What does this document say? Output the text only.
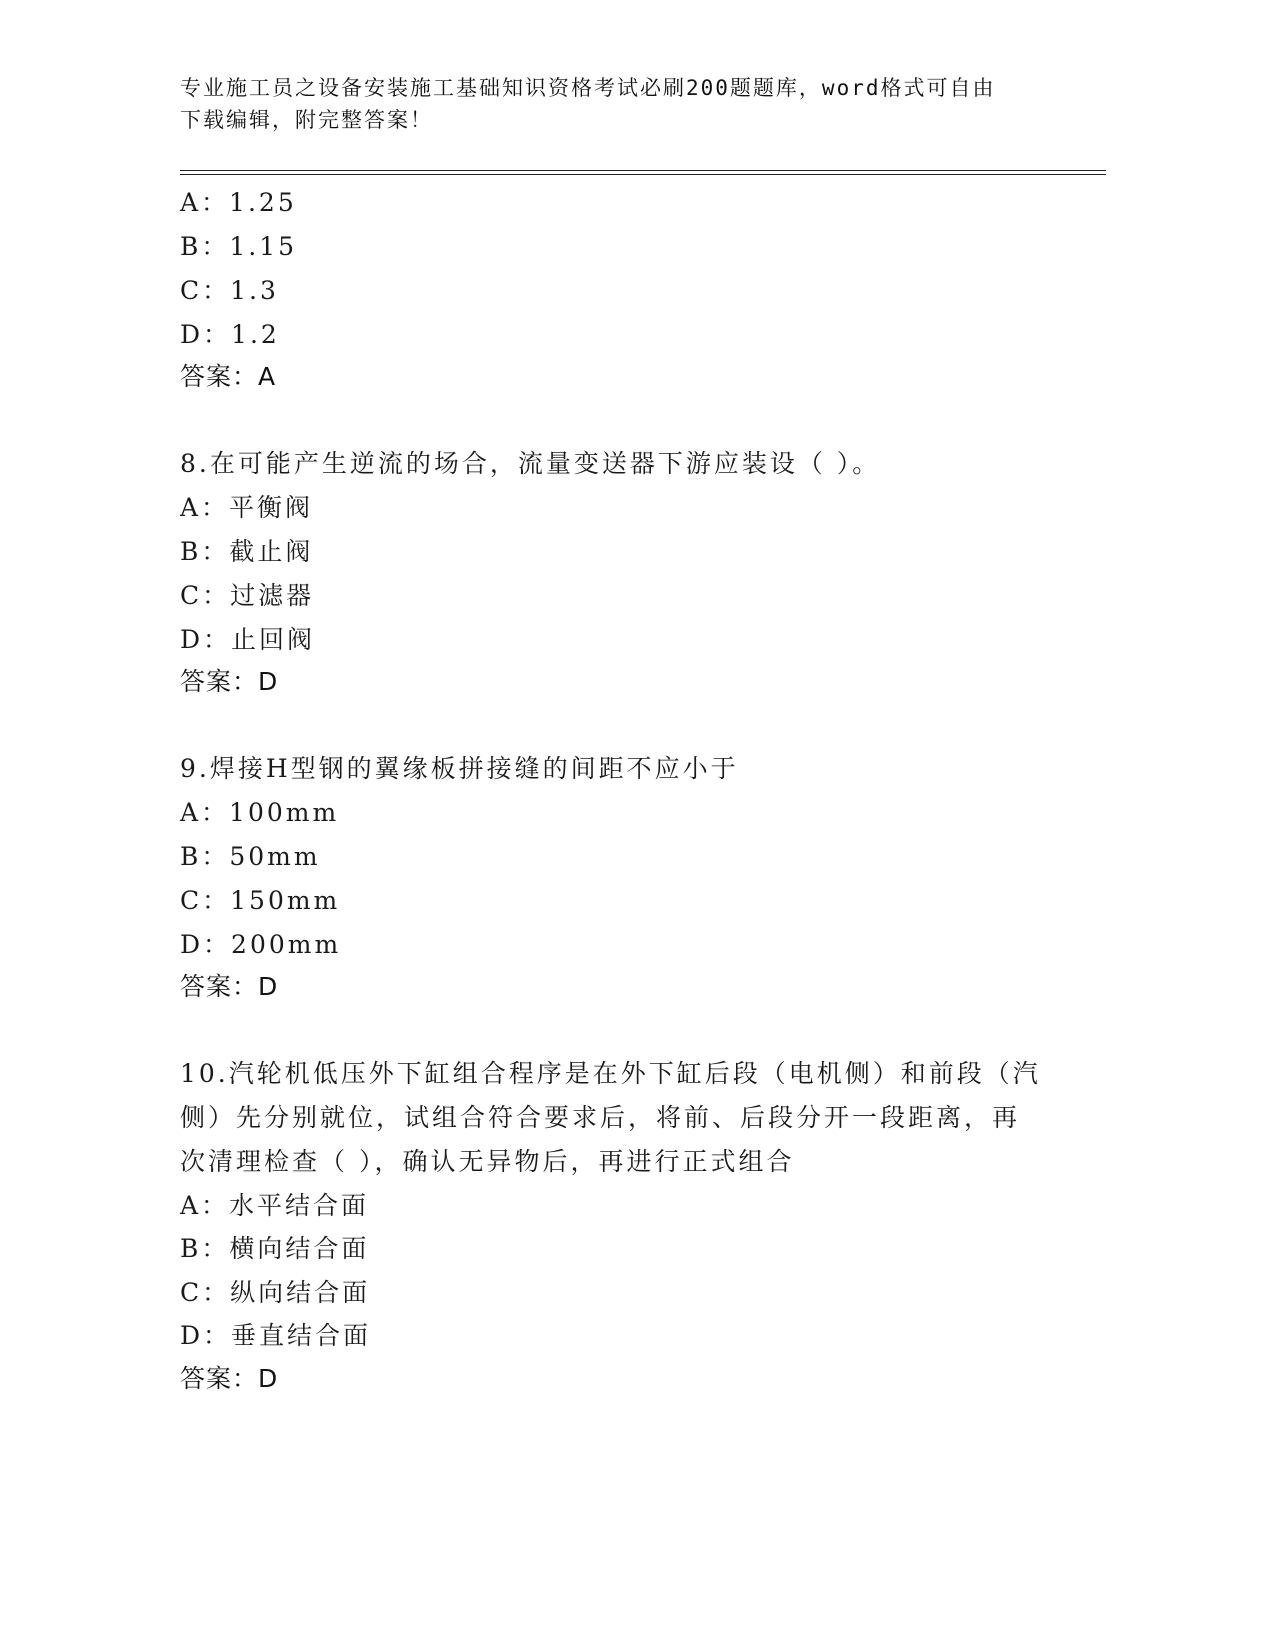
专业施工员之设备安装施工基础知识资格考试必刷200题题库，word格式可自由
下载编辑，附完整答案！
A：1.25
B：1.15
C：1.3
D：1.2
答案：A
8.在可能产生逆流的场合，流量变送器下游应装设（ ）。
A：平衡阀
B：截止阀
C：过滤器
D：止回阀
答案：D
9.焊接H型钢的翼缘板拼接缝的间距不应小于
A：100mm
B：50mm
C：150mm
D：200mm
答案：D
10.汽轮机低压外下缸组合程序是在外下缸后段（电机侧）和前段（汽
侧）先分别就位，试组合符合要求后，将前、后段分开一段距离，再
次清理检查（ ），确认无异物后，再进行正式组合
A：水平结合面
B：横向结合面
C：纵向结合面
D：垂直结合面
答案：D
